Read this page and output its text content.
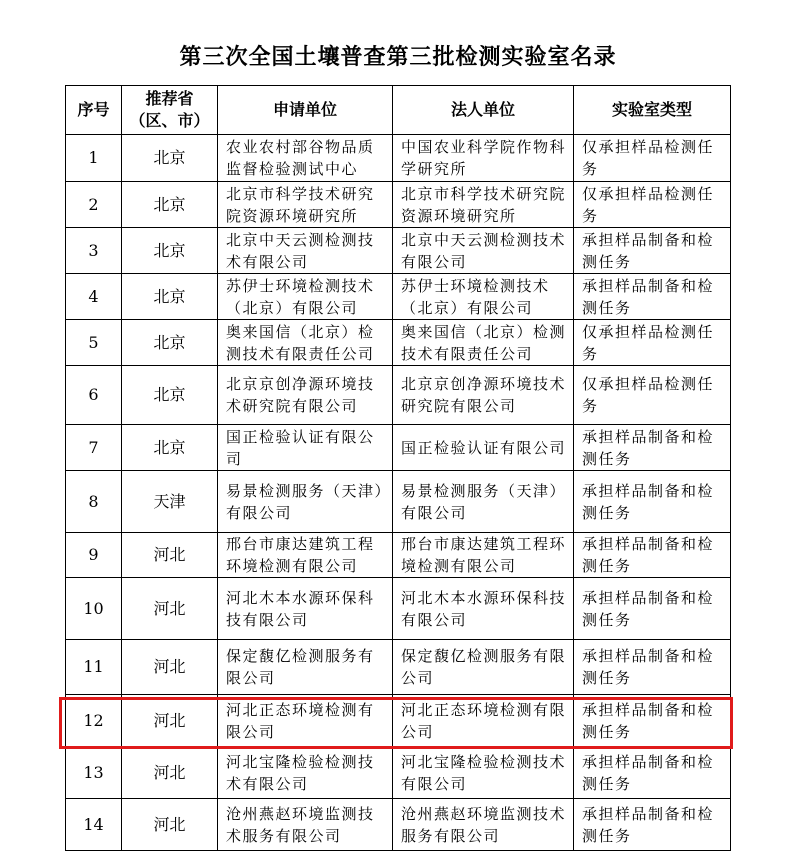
第三次全国土壤普查第三批检测实验室名录
序号	推荐省（区、市）	申请单位	法人单位	实验室类型
1	北京	农业农村部谷物品质监督检验测试中心	中国农业科学院作物科学研究所	仅承担样品检测任务
2	北京	北京市科学技术研究院资源环境研究所	北京市科学技术研究院资源环境研究所	仅承担样品检测任务
3	北京	北京中天云测检测技术有限公司	北京中天云测检测技术有限公司	承担样品制备和检测任务
4	北京	苏伊士环境检测技术（北京）有限公司	苏伊士环境检测技术（北京）有限公司	承担样品制备和检测任务
5	北京	奥来国信（北京）检测技术有限责任公司	奥来国信（北京）检测技术有限责任公司	仅承担样品检测任务
6	北京	北京京创净源环境技术研究院有限公司	北京京创净源环境技术研究院有限公司	仅承担样品检测任务
7	北京	国正检验认证有限公司	国正检验认证有限公司	承担样品制备和检测任务
8	天津	易景检测服务（天津）有限公司	易景检测服务（天津）有限公司	承担样品制备和检测任务
9	河北	邢台市康达建筑工程环境检测有限公司	邢台市康达建筑工程环境检测有限公司	承担样品制备和检测任务
10	河北	河北木本水源环保科技有限公司	河北木本水源环保科技有限公司	承担样品制备和检测任务
11	河北	保定馥亿检测服务有限公司	保定馥亿检测服务有限公司	承担样品制备和检测任务
12	河北	河北正态环境检测有限公司	河北正态环境检测有限公司	承担样品制备和检测任务
13	河北	河北宝隆检验检测技术有限公司	河北宝隆检验检测技术有限公司	承担样品制备和检测任务
14	河北	沧州燕赵环境监测技术服务有限公司	沧州燕赵环境监测技术服务有限公司	承担样品制备和检测任务
